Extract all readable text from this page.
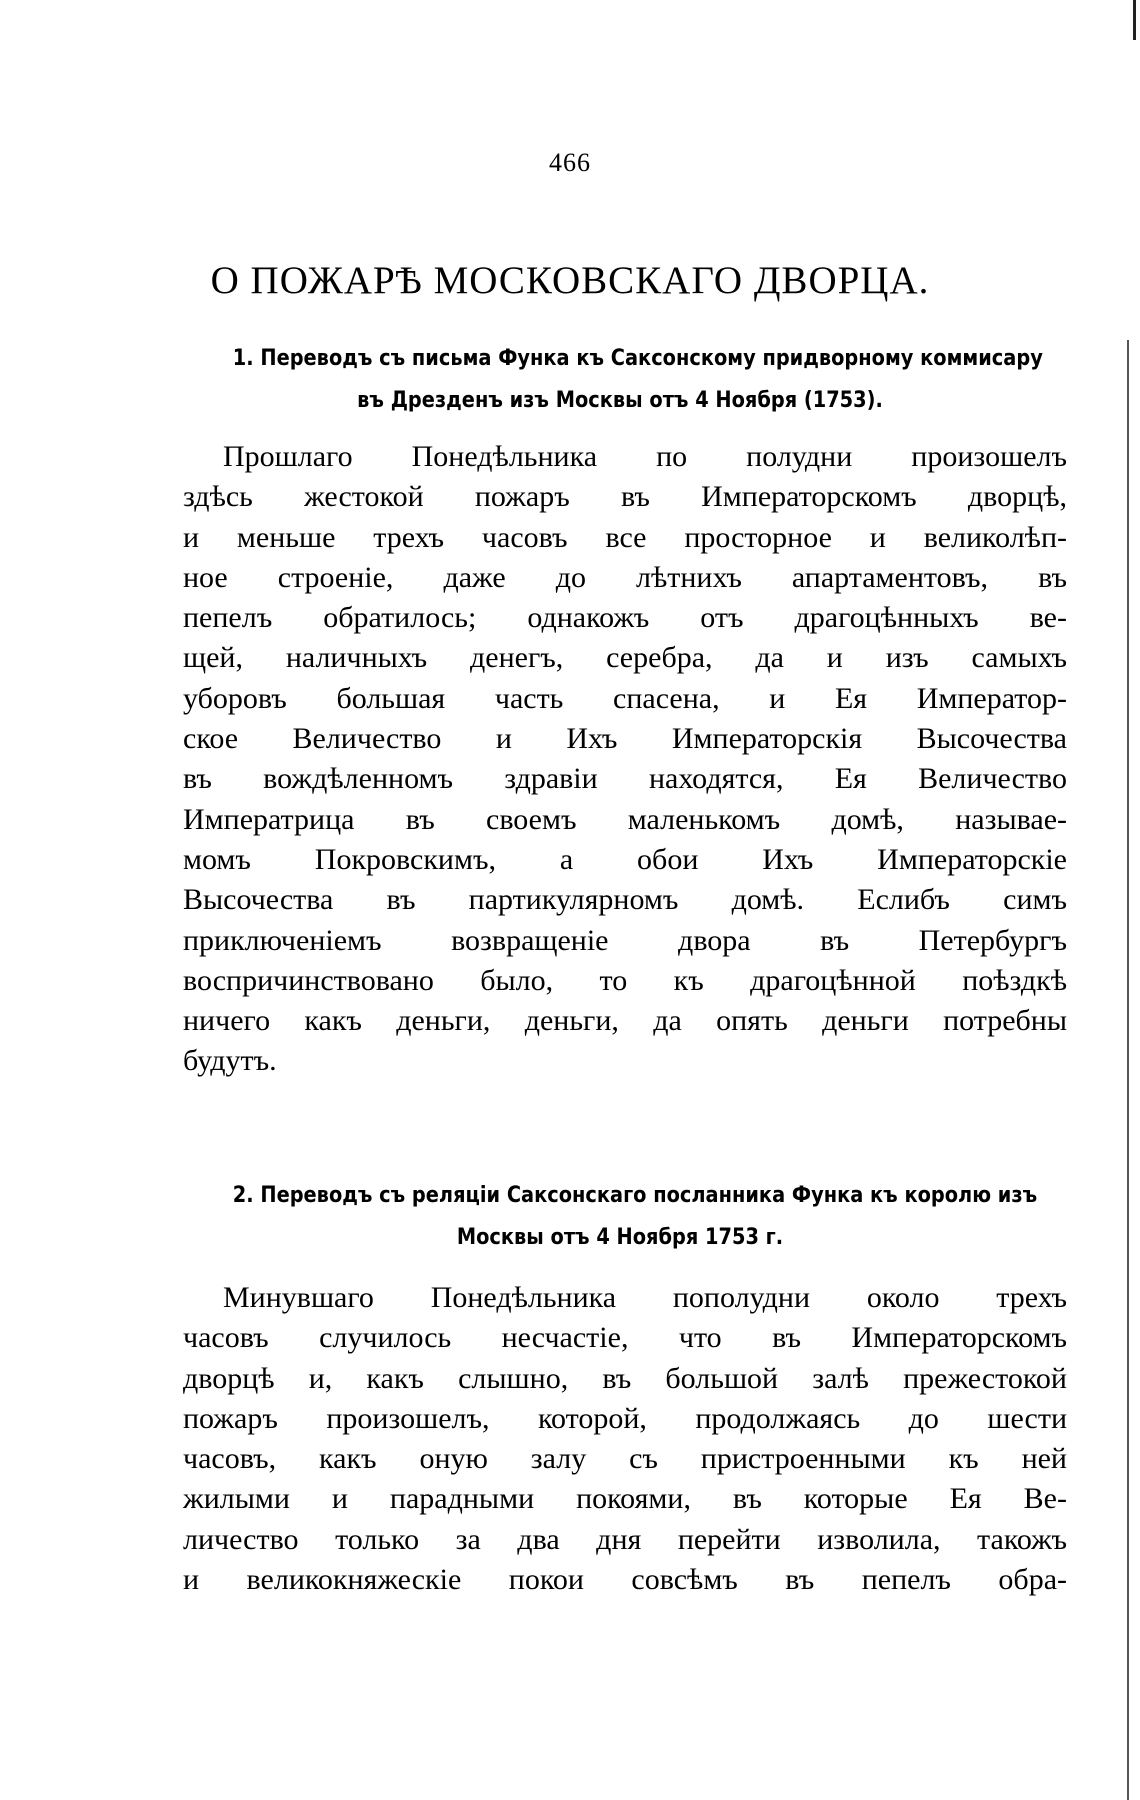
466
О ПОЖАРѢ МОСКОВСКАГО ДВОРЦА.
1. Переводъ съ письма Функа къ Саксонскому придворному коммисару
въ Дрезденъ изъ Москвы отъ 4 Ноября (1753).
Прошлаго Понедѣльника по полудни произошелъ
здѣсь жестокой пожаръ въ Императорскомъ дворцѣ,
и меньше трехъ часовъ все просторное и великолѣп-
ное строеніе, даже до лѣтнихъ апартаментовъ, въ
пепелъ обратилось; однакожъ отъ драгоцѣнныхъ ве-
щей, наличныхъ денегъ, серебра, да и изъ самыхъ
уборовъ большая часть спасена, и Ея Император-
ское Величество и Ихъ Императорскія Высочества
въ вождѣленномъ здравіи находятся, Ея Величество
Императрица въ своемъ маленькомъ домѣ, называе-
момъ Покровскимъ, а обои Ихъ Императорскіе
Высочества въ партикулярномъ домѣ. Еслибъ симъ
приключеніемъ возвращеніе двора въ Петербургъ
воспричинствовано было, то къ драгоцѣнной поѣздкѣ
ничего какъ деньги, деньги, да опять деньги потребны
будутъ.
2. Переводъ съ реляціи Саксонскаго посланника Функа къ королю изъ
Москвы отъ 4 Ноября 1753 г.
Минувшаго Понедѣльника пополудни около трехъ
часовъ случилось несчастіе, что въ Императорскомъ
дворцѣ и, какъ слышно, въ большой залѣ прежестокой
пожаръ произошелъ, которой, продолжаясь до шести
часовъ, какъ оную залу съ пристроенными къ ней
жилыми и парадными покоями, въ которые Ея Ве-
личество только за два дня перейти изволила, такожъ
и великокняжескіе покои совсѣмъ въ пепелъ обра-
